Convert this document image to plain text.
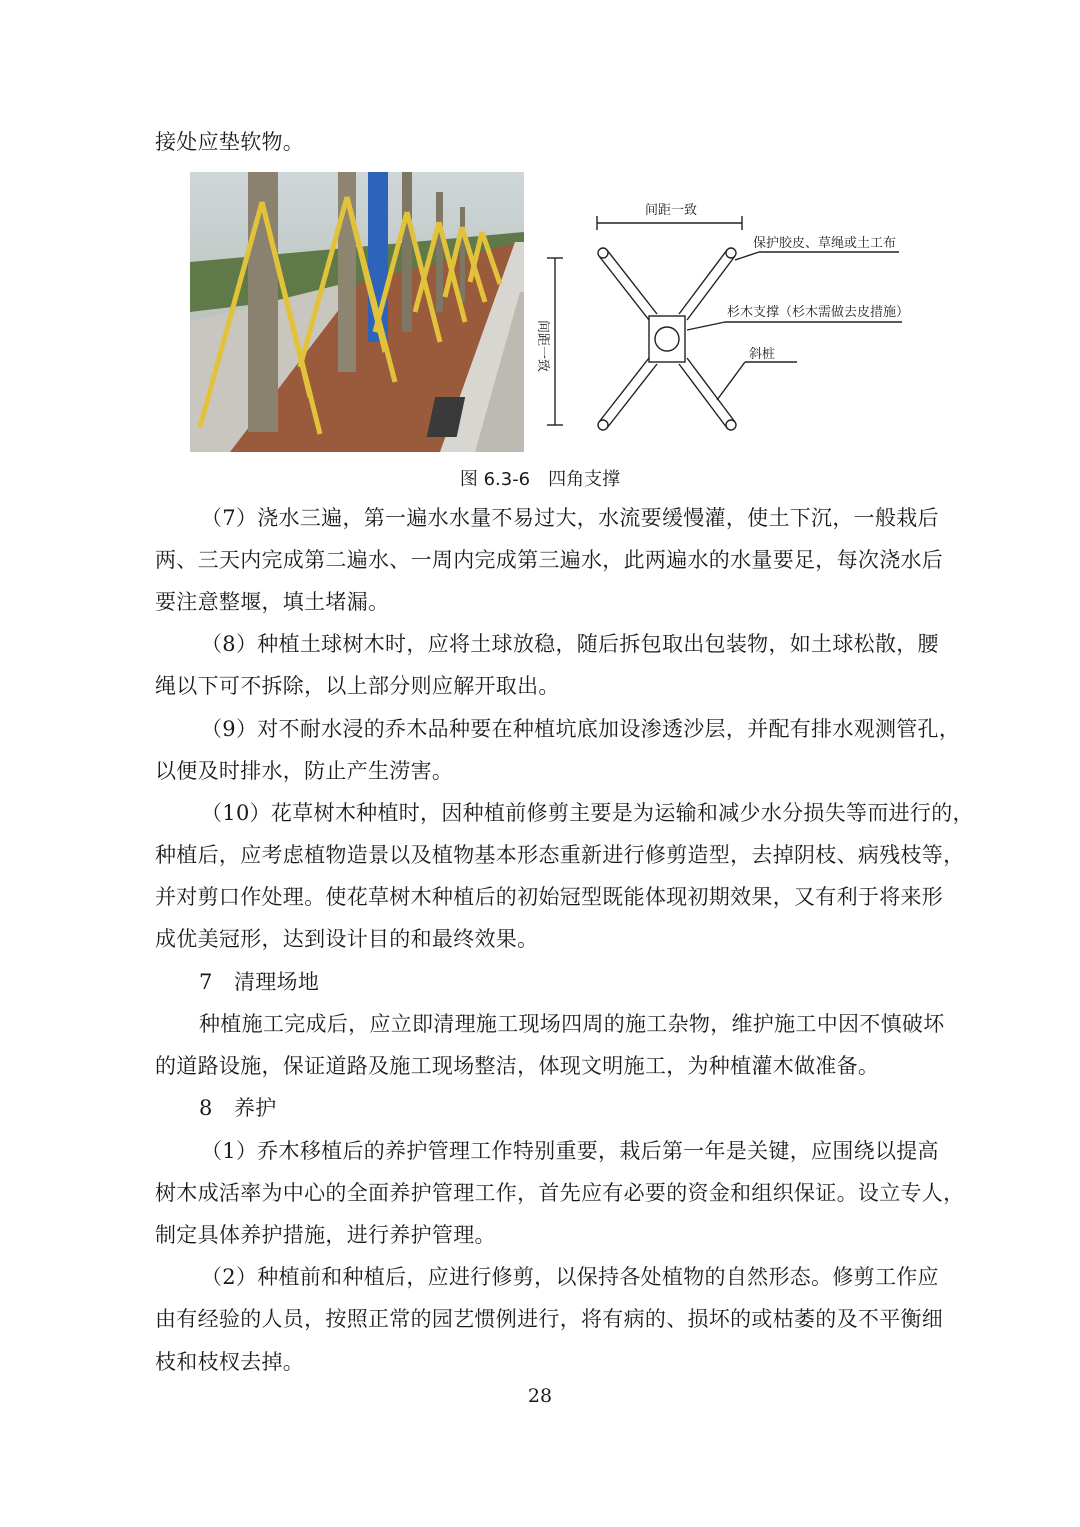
接处应垫软物。
间距一致
间距一致
保护胶皮、草绳或土工布
杉木支撑（杉木需做去皮措施）
斜桩
图 6.3-6　四角支撑
（7）浇水三遍，第一遍水水量不易过大，水流要缓慢灌，使土下沉，一般栽后
两、三天内完成第二遍水、一周内完成第三遍水，此两遍水的水量要足，每次浇水后
要注意整堰，填土堵漏。
（8）种植土球树木时，应将土球放稳，随后拆包取出包装物，如土球松散，腰
绳以下可不拆除，以上部分则应解开取出。
（9）对不耐水浸的乔木品种要在种植坑底加设渗透沙层，并配有排水观测管孔，
以便及时排水，防止产生涝害。
（10）花草树木种植时，因种植前修剪主要是为运输和减少水分损失等而进行的，
种植后，应考虑植物造景以及植物基本形态重新进行修剪造型，去掉阴枝、病残枝等，
并对剪口作处理。使花草树木种植后的初始冠型既能体现初期效果，又有利于将来形
成优美冠形，达到设计目的和最终效果。
7　清理场地
种植施工完成后，应立即清理施工现场四周的施工杂物，维护施工中因不慎破坏
的道路设施，保证道路及施工现场整洁，体现文明施工，为种植灌木做准备。
8　养护
（1）乔木移植后的养护管理工作特别重要，栽后第一年是关键，应围绕以提高
树木成活率为中心的全面养护管理工作，首先应有必要的资金和组织保证。设立专人，
制定具体养护措施，进行养护管理。
（2）种植前和种植后，应进行修剪，以保持各处植物的自然形态。修剪工作应
由有经验的人员，按照正常的园艺惯例进行，将有病的、损坏的或枯萎的及不平衡细
枝和枝杈去掉。
28
